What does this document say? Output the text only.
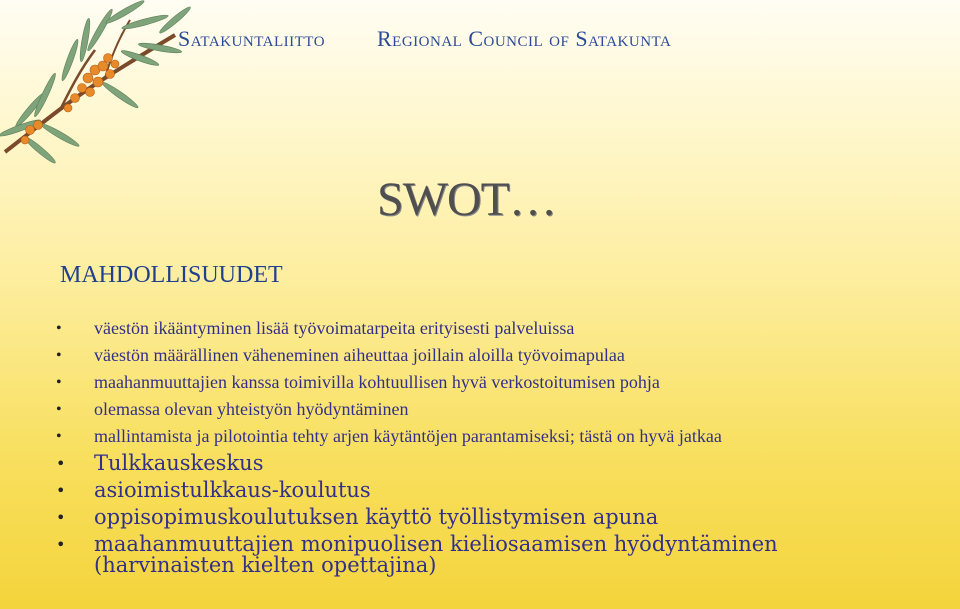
Satakuntaliitto Regional Council of Satakunta
SWOT…
MAHDOLLISUUDET
• väestön ikääntyminen lisää työvoimatarpeita erityisesti palveluissa
• väestön määrällinen väheneminen aiheuttaa joillain aloilla työvoimapulaa
• maahanmuuttajien kanssa toimivilla kohtuullisen hyvä verkostoitumisen pohja
• olemassa olevan yhteistyön hyödyntäminen
• mallintamista ja pilotointia tehty arjen käytäntöjen parantamiseksi; tästä on hyvä jatkaa
• Tulkkauskeskus
• asioimistulkkaus-koulutus
• oppisopimuskoulutuksen käyttö työllistymisen apuna
• maahanmuuttajien monipuolisen kieliosaamisen hyödyntäminen (harvinaisten kielten opettajina)
